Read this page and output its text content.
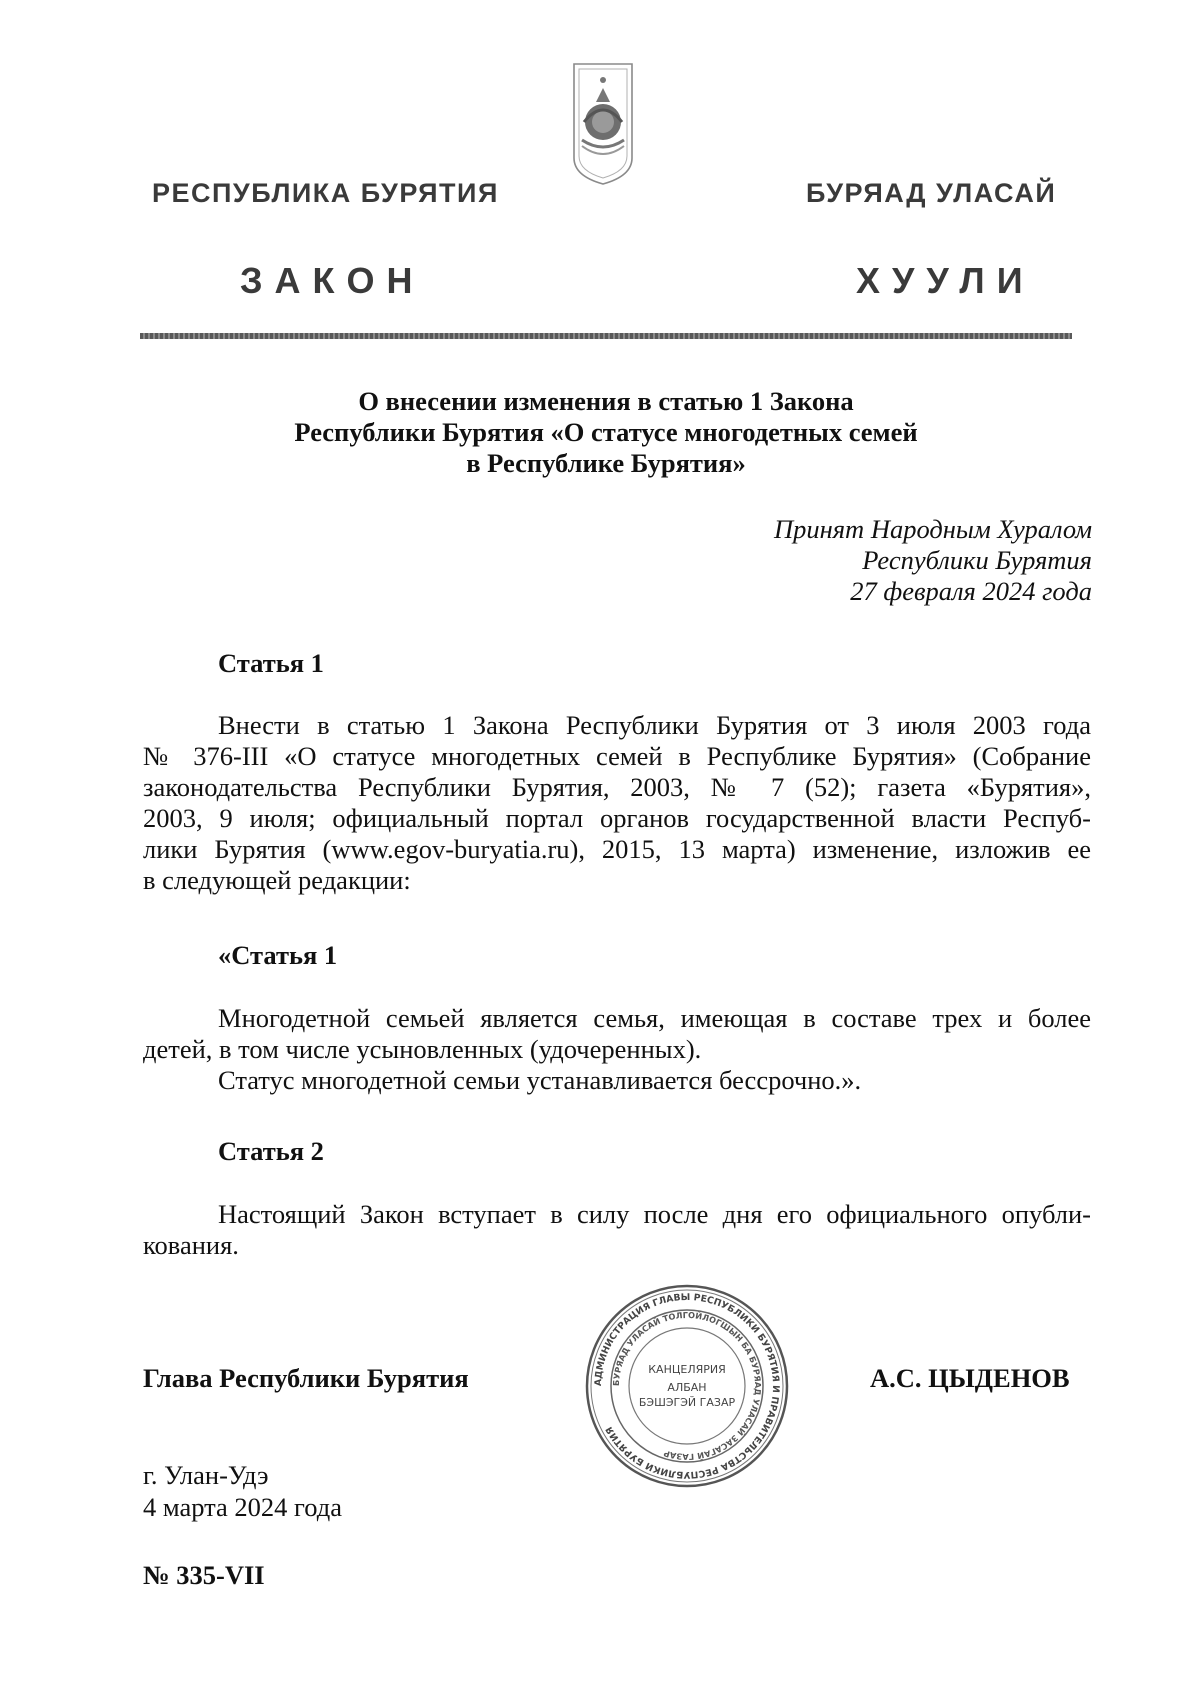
РЕСПУБЛИКА БУРЯТИЯ	БУРЯАД УЛАСАЙ
ЗАКОН	ХУУЛИ
О внесении изменения в статью 1 Закона
Республики Бурятия «О статусе многодетных семей
в Республике Бурятия»
Принят Народным Хуралом
Республики Бурятия
27 февраля 2024 года
Статья 1
Внести в статью 1 Закона Республики Бурятия от 3 июля 2003 года
№ 376-III «О статусе многодетных семей в Республике Бурятия» (Собрание
законодательства Республики Бурятия, 2003, № 7 (52); газета «Бурятия»,
2003, 9 июля; официальный портал органов государственной власти Респуб-
лики Бурятия (www.egov-buryatia.ru), 2015, 13 марта) изменение, изложив ее
в следующей редакции:
«Статья 1
Многодетной семьей является семья, имеющая в составе трех и более
детей, в том числе усыновленных (удочеренных).
Статус многодетной семьи устанавливается бессрочно.».
Статья 2
Настоящий Закон вступает в силу после дня его официального опубли-
кования.
Глава Республики Бурятия	А.С. ЦЫДЕНОВ
АДМИНИСТРАЦИЯ ГЛАВЫ РЕСПУБЛИКИ БУРЯТИЯ И ПРАВИТЕЛЬСТВА РЕСПУБЛИКИ БУРЯТИЯ
БУРЯАД УЛАСАЙ ТОЛГОЙЛОГШЫН БА БУРЯАД УЛАСАЙ ЗАСАГАЙ ГАЗАР
КАНЦЕЛЯРИЯ
АЛБАН
БЭШЭГЭЙ ГАЗАР
г. Улан-Удэ
4 марта 2024 года
№ 335-VII
